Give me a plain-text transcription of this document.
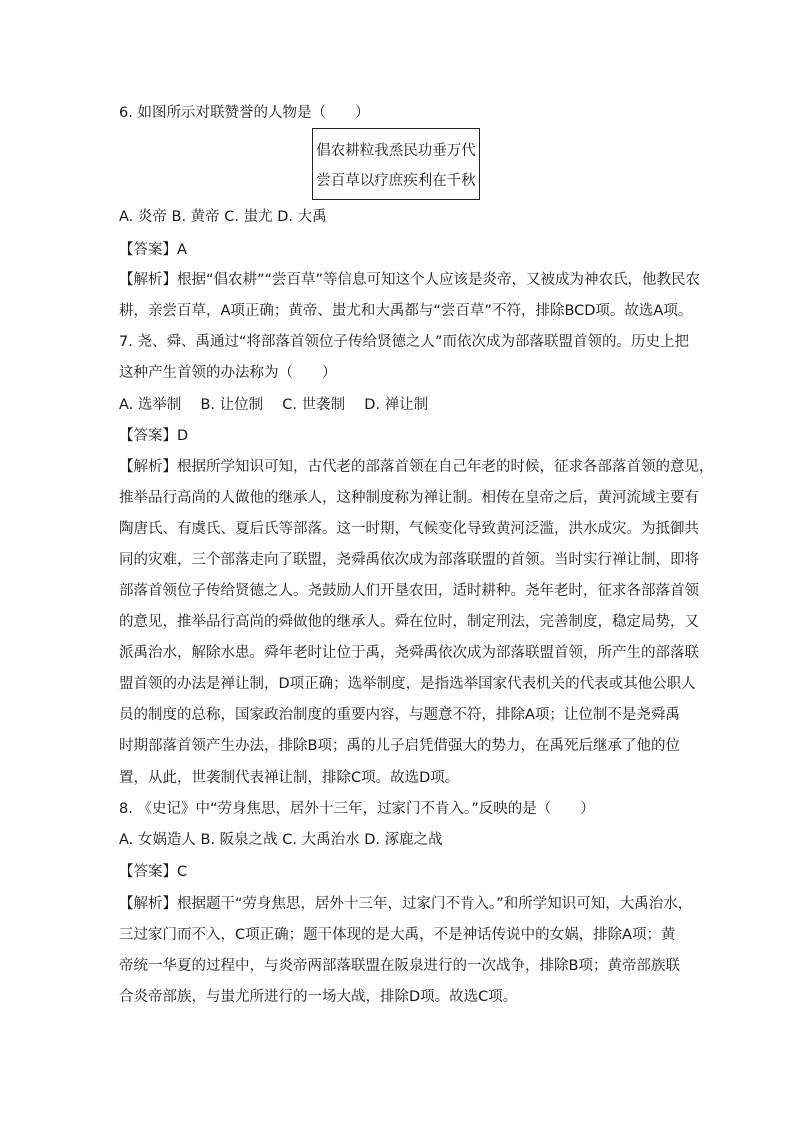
6. 如图所示对联赞誉的人物是（　　）
倡农耕粒我烝民功垂万代
尝百草以疗庶疾利在千秋
A. 炎帝 B. 黄帝 C. 蚩尤 D. 大禹
【答案】A
【解析】根据“倡农耕”“尝百草”等信息可知这个人应该是炎帝，又被成为神农氏，他教民农
耕，亲尝百草，A项正确；黄帝、蚩尤和大禹都与“尝百草”不符，排除BCD项。故选A项。
7. 尧、舜、禹通过“将部落首领位子传给贤德之人”而依次成为部落联盟首领的。历史上把
这种产生首领的办法称为（　　）
A. 选举制　 B. 让位制　 C. 世袭制　 D. 禅让制
【答案】D
【解析】根据所学知识可知，古代老的部落首领在自己年老的时候，征求各部落首领的意见，
推举品行高尚的人做他的继承人，这种制度称为禅让制。相传在皇帝之后，黄河流域主要有
陶唐氏、有虞氏、夏后氏等部落。这一时期，气候变化导致黄河泛滥，洪水成灾。为抵御共
同的灾难，三个部落走向了联盟，尧舜禹依次成为部落联盟的首领。当时实行禅让制，即将
部落首领位子传给贤德之人。尧鼓励人们开垦农田，适时耕种。尧年老时，征求各部落首领
的意见，推举品行高尚的舜做他的继承人。舜在位时，制定刑法，完善制度，稳定局势，又
派禹治水，解除水患。舜年老时让位于禹，尧舜禹依次成为部落联盟首领，所产生的部落联
盟首领的办法是禅让制，D项正确；选举制度，是指选举国家代表机关的代表或其他公职人
员的制度的总称，国家政治制度的重要内容，与题意不符，排除A项；让位制不是尧舜禹
时期部落首领产生办法，排除B项；禹的儿子启凭借强大的势力，在禹死后继承了他的位
置，从此，世袭制代表禅让制，排除C项。故选D项。
8. 《史记》中“劳身焦思，居外十三年，过家门不肯入。”反映的是（　　）
A. 女娲造人 B. 阪泉之战 C. 大禹治水 D. 涿鹿之战
【答案】C
【解析】根据题干“劳身焦思，居外十三年，过家门不肯入。”和所学知识可知，大禹治水，
三过家门而不入，C项正确；题干体现的是大禹，不是神话传说中的女娲，排除A项；黄
帝统一华夏的过程中，与炎帝两部落联盟在阪泉进行的一次战争，排除B项；黄帝部族联
合炎帝部族，与蚩尤所进行的一场大战，排除D项。故选C项。
